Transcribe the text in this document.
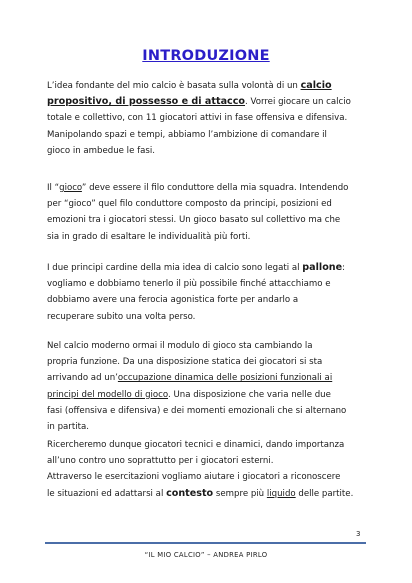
INTRODUZIONE
L’idea fondante del mio calcio è basata sulla volontà di un calcio
propositivo, di possesso e di attacco. Vorrei giocare un calcio
totale e collettivo, con 11 giocatori attivi in fase offensiva e difensiva.
Manipolando spazi e tempi, abbiamo l’ambizione di comandare il
gioco in ambedue le fasi.
Il “gioco” deve essere il filo conduttore della mia squadra. Intendendo
per “gioco” quel filo conduttore composto da principi, posizioni ed
emozioni tra i giocatori stessi. Un gioco basato sul collettivo ma che
sia in grado di esaltare le individualità più forti.
I due principi cardine della mia idea di calcio sono legati al pallone:
vogliamo e dobbiamo tenerlo il più possibile finché attacchiamo e
dobbiamo avere una ferocia agonistica forte per andarlo a
recuperare subito una volta perso.
Nel calcio moderno ormai il modulo di gioco sta cambiando la
propria funzione. Da una disposizione statica dei giocatori si sta
arrivando ad un’occupazione dinamica delle posizioni funzionali ai
principi del modello di gioco. Una disposizione che varia nelle due
fasi (offensiva e difensiva) e dei momenti emozionali che si alternano
in partita.
Ricercheremo dunque giocatori tecnici e dinamici, dando importanza
all’uno contro uno soprattutto per i giocatori esterni.
Attraverso le esercitazioni vogliamo aiutare i giocatori a riconoscere
le situazioni ed adattarsi al contesto sempre più liquido delle partite.
3
“IL MIO CALCIO” – ANDREA PIRLO
